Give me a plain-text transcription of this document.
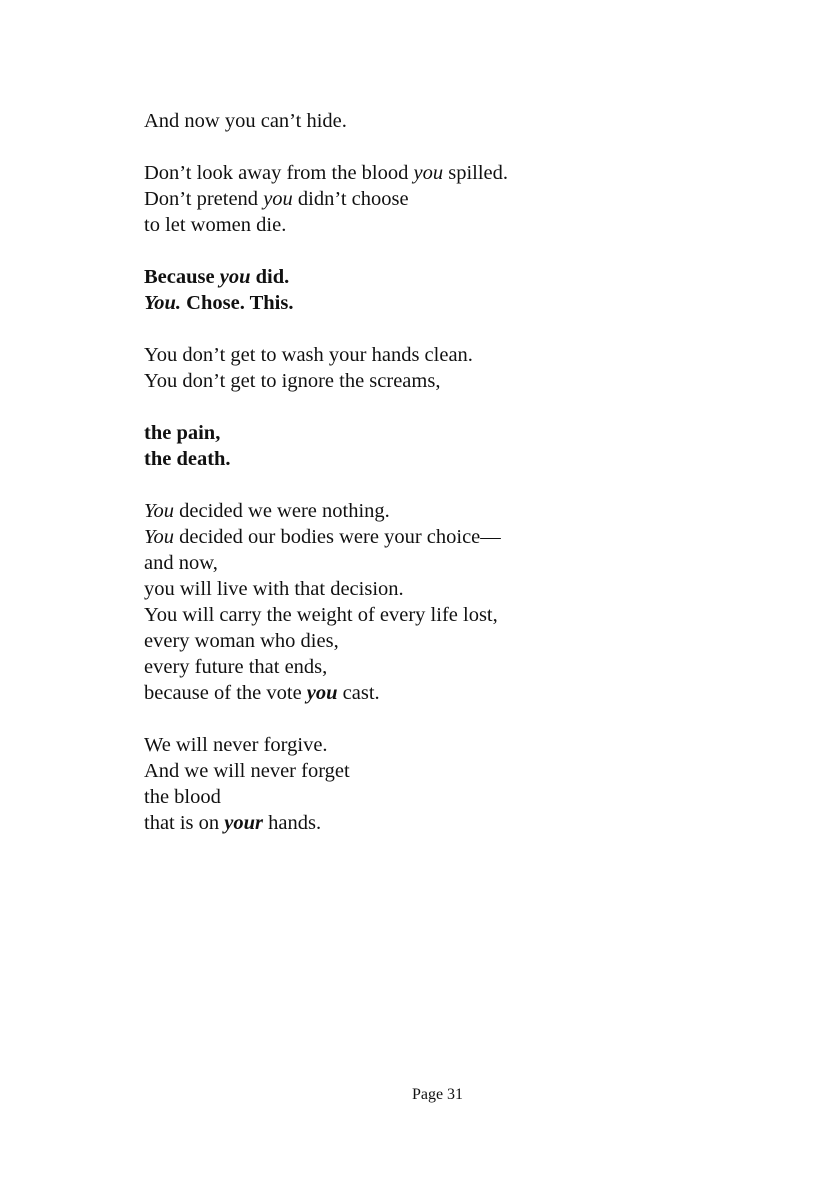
And now you can’t hide.
Don’t look away from the blood you spilled.
Don’t pretend you didn’t choose
to let women die.
Because you did.
You. Chose. This.
You don’t get to wash your hands clean.
You don’t get to ignore the screams,
the pain,
the death.
You decided we were nothing.
You decided our bodies were your choice—
and now,
you will live with that decision.
You will carry the weight of every life lost,
every woman who dies,
every future that ends,
because of the vote you cast.
We will never forgive.
And we will never forget
the blood
that is on your hands.
Page 31
